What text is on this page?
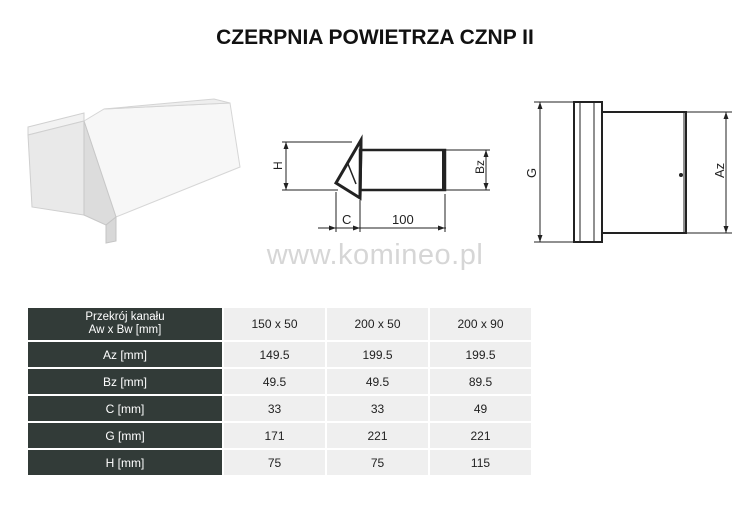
CZERPNIA POWIETRZA CZNP II
H	Bz
C	100
G	Az
www.komineo.pl
Przekrój kanału
Aw x Bw [mm]	150 x 50	200 x 50	200 x 90
Az [mm]	149.5	199.5	199.5
Bz [mm]	49.5	49.5	89.5
C [mm]	33	33	49
G [mm]	171	221	221
H [mm]	75	75	115
